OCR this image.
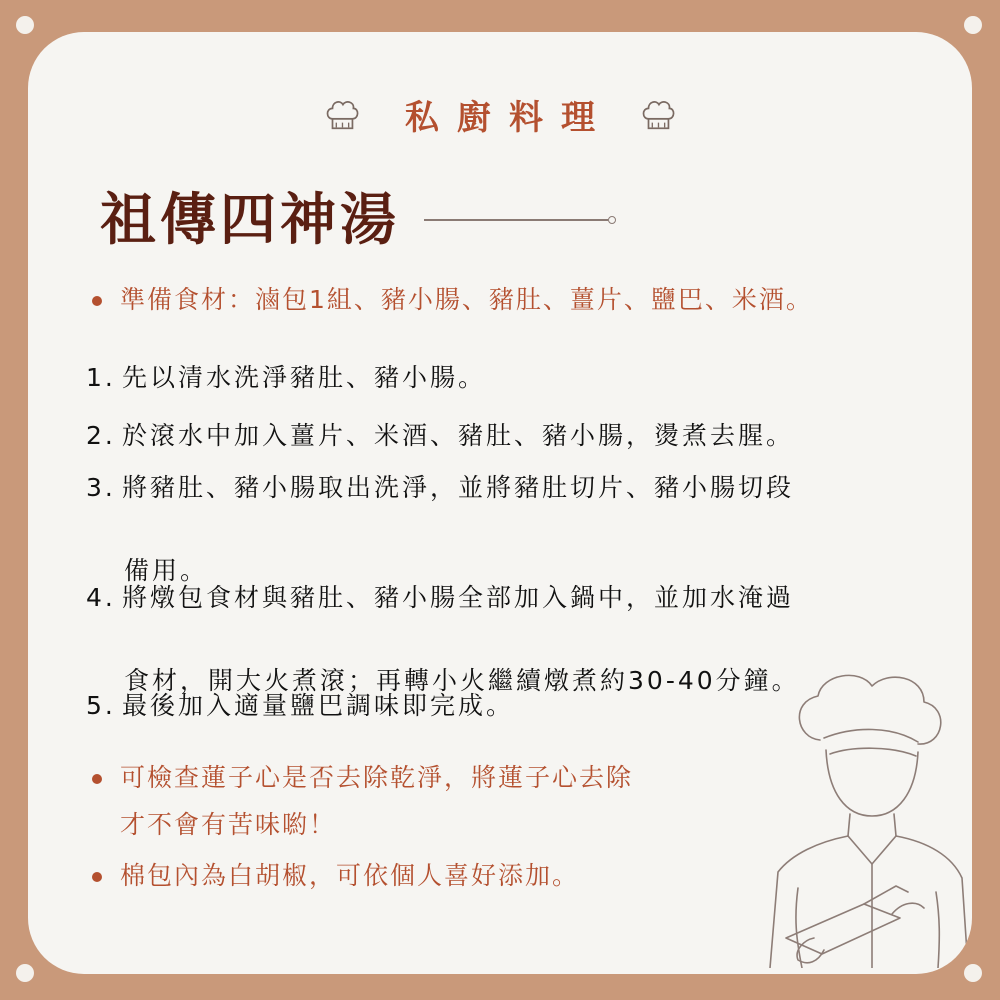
私廚料理
祖傳四神湯
準備食材：滷包1組、豬小腸、豬肚、薑片、鹽巴、米酒。
1. 先以清水洗淨豬肚、豬小腸。
2. 於滾水中加入薑片、米酒、豬肚、豬小腸，燙煮去腥。
3. 將豬肚、豬小腸取出洗淨，並將豬肚切片、豬小腸切段
備用。
4. 將燉包食材與豬肚、豬小腸全部加入鍋中，並加水淹過
食材，開大火煮滾；再轉小火繼續燉煮約30-40分鐘。
5. 最後加入適量鹽巴調味即完成。
可檢查蓮子心是否去除乾淨，將蓮子心去除
才不會有苦味喲！
棉包內為白胡椒，可依個人喜好添加。
